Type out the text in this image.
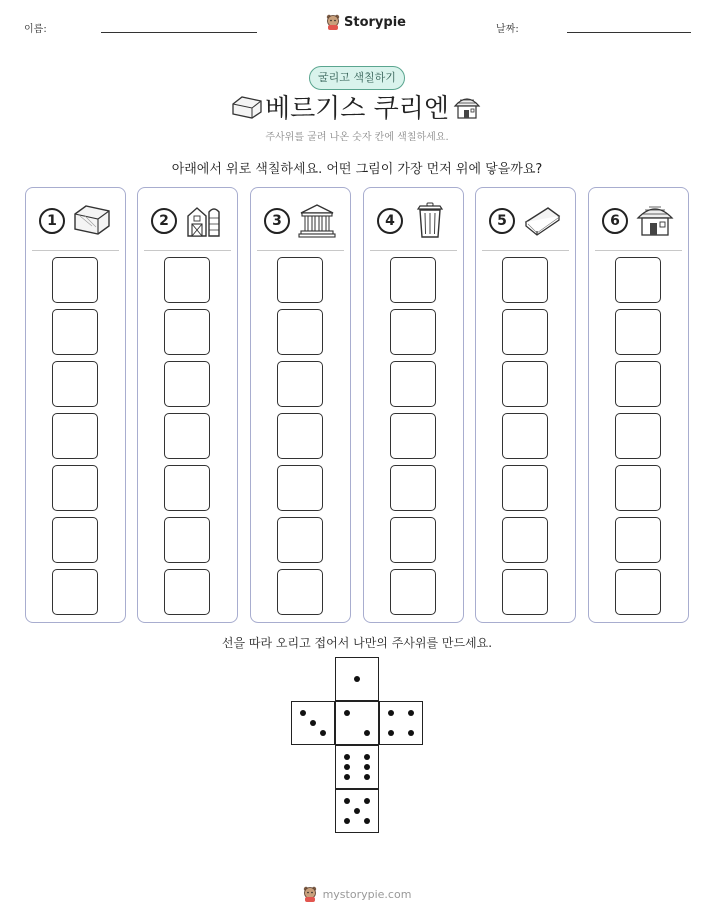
이름:	Storypie	날짜:
굴리고 색칠하기
베르기스 쿠리엔
주사위를 굴려 나온 숫자 칸에 색칠하세요.
아래에서 위로 색칠하세요. 어떤 그림이 가장 먼저 위에 닿을까요?
1	2	3	4	5	6
선을 따라 오리고 접어서 나만의 주사위를 만드세요.
mystorypie.com
